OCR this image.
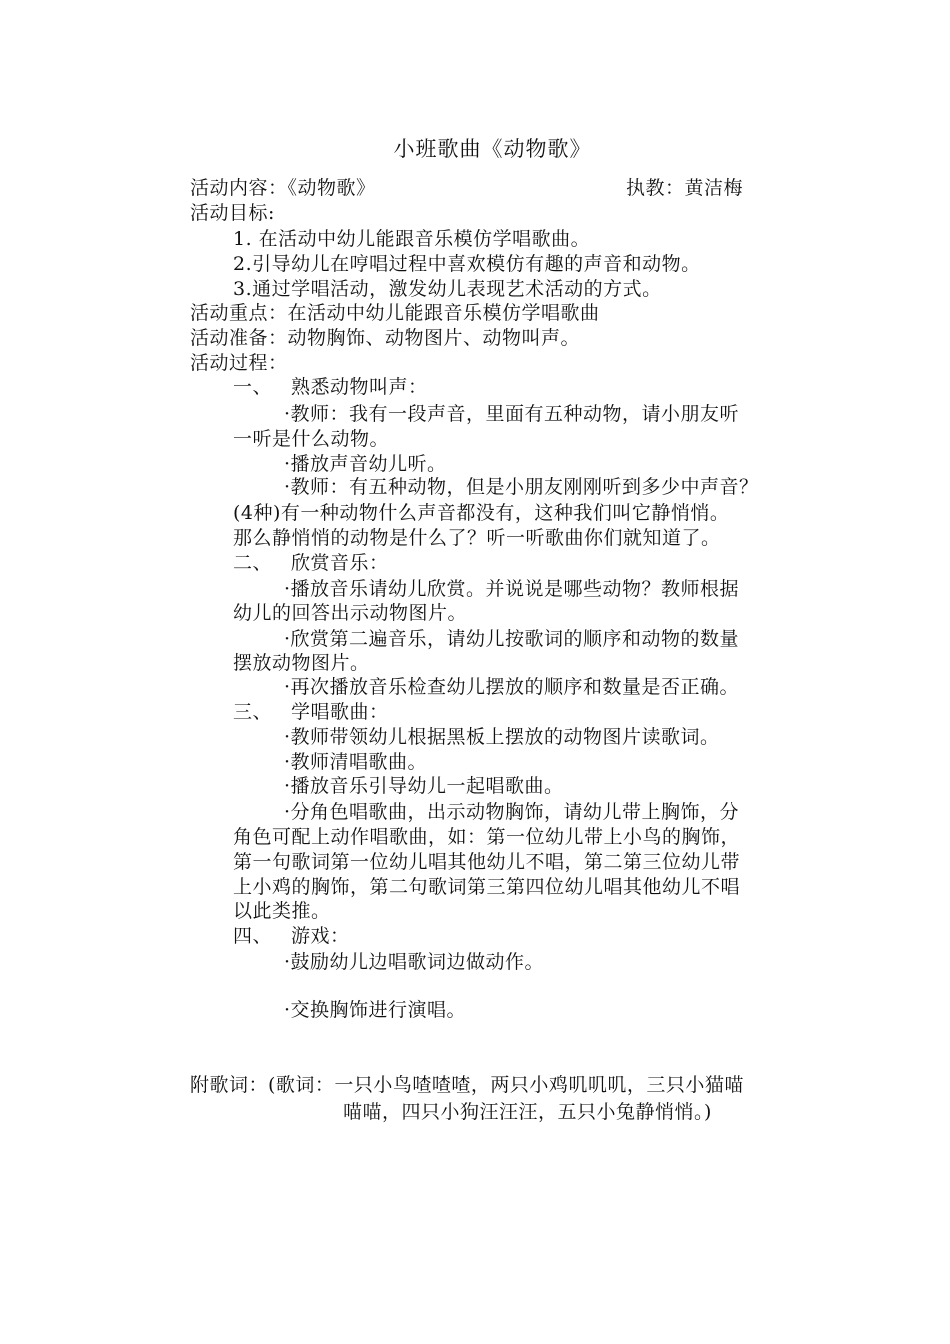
小班歌曲《动物歌》
活动内容：《动物歌》	执教：黄洁梅
活动目标:
1. 在活动中幼儿能跟音乐模仿学唱歌曲。
2.引导幼儿在哼唱过程中喜欢模仿有趣的声音和动物。
3.通过学唱活动，激发幼儿表现艺术活动的方式。
活动重点：在活动中幼儿能跟音乐模仿学唱歌曲
活动准备：动物胸饰、动物图片、动物叫声。
活动过程：
一、 熟悉动物叫声：
·教师：我有一段声音，里面有五种动物，请小朋友听
一听是什么动物。
·播放声音幼儿听。
·教师：有五种动物，但是小朋友刚刚听到多少中声音？
(4种)有一种动物什么声音都没有，这种我们叫它静悄悄。
那么静悄悄的动物是什么了？听一听歌曲你们就知道了。
二、 欣赏音乐：
·播放音乐请幼儿欣赏。并说说是哪些动物？教师根据
幼儿的回答出示动物图片。
·欣赏第二遍音乐，请幼儿按歌词的顺序和动物的数量
摆放动物图片。
·再次播放音乐检查幼儿摆放的顺序和数量是否正确。
三、 学唱歌曲：
·教师带领幼儿根据黑板上摆放的动物图片读歌词。
·教师清唱歌曲。
·播放音乐引导幼儿一起唱歌曲。
·分角色唱歌曲，出示动物胸饰，请幼儿带上胸饰，分
角色可配上动作唱歌曲，如：第一位幼儿带上小鸟的胸饰，
第一句歌词第一位幼儿唱其他幼儿不唱，第二第三位幼儿带
上小鸡的胸饰，第二句歌词第三第四位幼儿唱其他幼儿不唱
以此类推。
四、 游戏：
·鼓励幼儿边唱歌词边做动作。
·交换胸饰进行演唱。
附歌词：(歌词：一只小鸟喳喳喳，两只小鸡叽叽叽，三只小猫喵
喵喵，四只小狗汪汪汪，五只小兔静悄悄。)
